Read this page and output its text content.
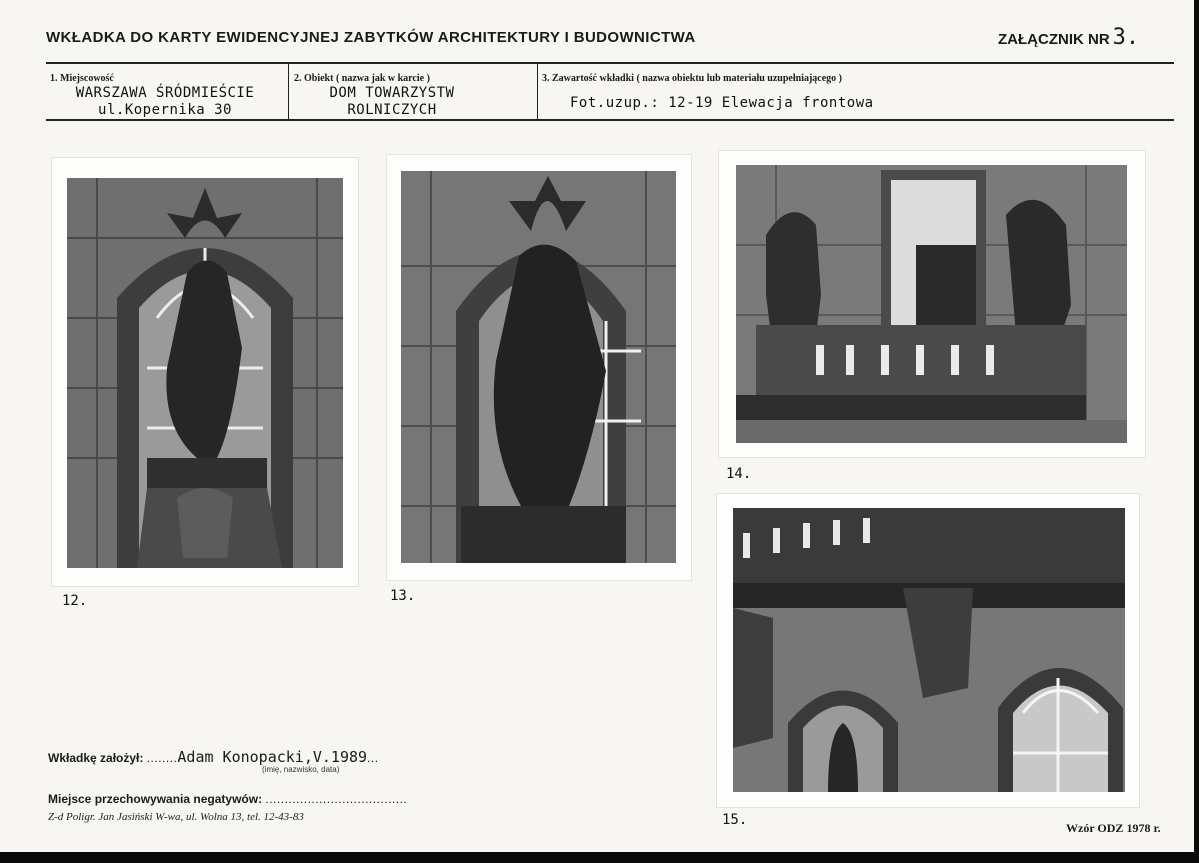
WKŁADKA DO KARTY EWIDENCYJNEJ ZABYTKÓW ARCHITEKTURY I BUDOWNICTWA	ZAŁĄCZNIK NR 3.
1. Miejscowość
WARSZAWA ŚRÓDMIEŚCIE
ul.Kopernika 30
2. Obiekt ( nazwa jak w karcie )
DOM TOWARZYSTW
ROLNICZYCH
3. Zawartość wkładki ( nazwa obiektu lub materiału uzupełniającego )
Fot.uzup.: 12-19 Elewacja frontowa
12.	13.
14.
15.
Wkładkę założył: ........Adam Konopacki,V.1989...
(imię, nazwisko, data)
Miejsce przechowywania negatywów: .....................................
Z-d Poligr. Jan Jasiński W-wa, ul. Wolna 13, tel. 12-43-83
Wzór ODZ 1978 r.
